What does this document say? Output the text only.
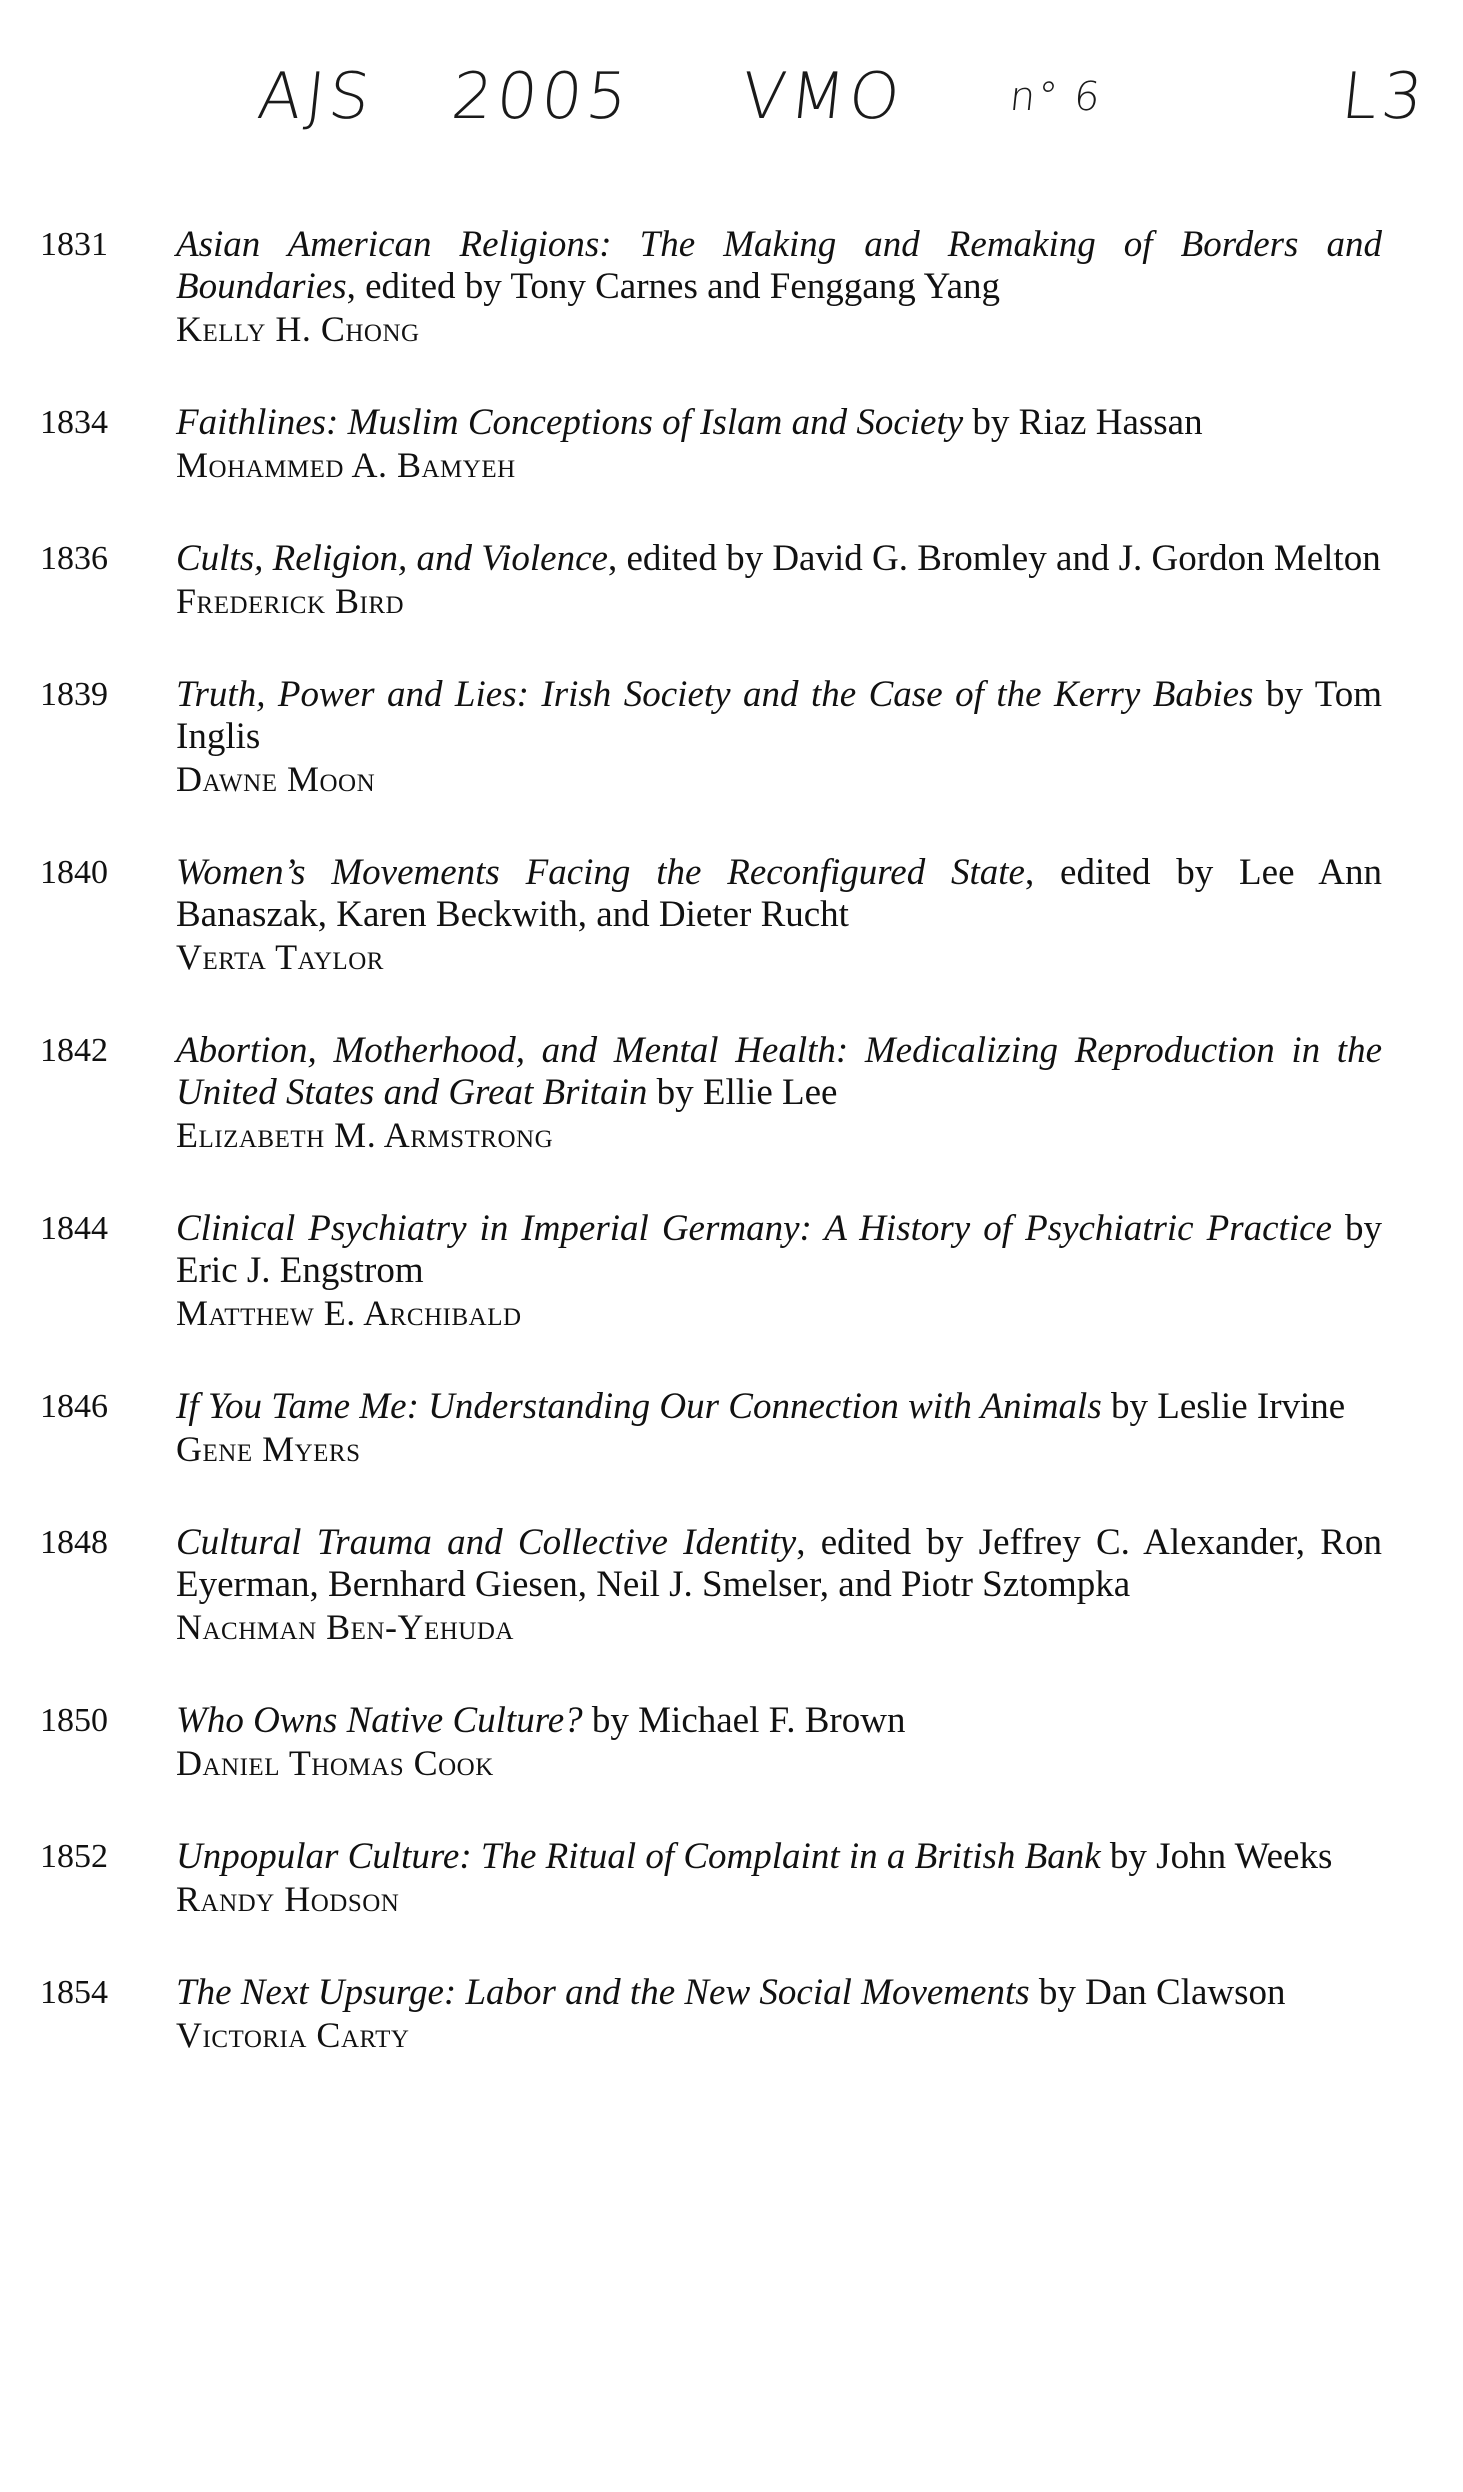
AJS 2005 VMO	n° 6	L3
1831	Asian American Religions: The Making and Remaking of Borders and Boundaries, edited by Tony Carnes and Fenggang Yang
Kelly H. Chong
1834	Faithlines: Muslim Conceptions of Islam and Society by Riaz Hassan
Mohammed A. Bamyeh
1836	Cults, Religion, and Violence, edited by David G. Bromley and J. Gordon Melton
Frederick Bird
1839	Truth, Power and Lies: Irish Society and the Case of the Kerry Babies by Tom Inglis
Dawne Moon
1840	Women’s Movements Facing the Reconfigured State, edited by Lee Ann Banaszak, Karen Beckwith, and Dieter Rucht
Verta Taylor
1842	Abortion, Motherhood, and Mental Health: Medicalizing Reproduction in the United States and Great Britain by Ellie Lee
Elizabeth M. Armstrong
1844	Clinical Psychiatry in Imperial Germany: A History of Psychiatric Practice by Eric J. Engstrom
Matthew E. Archibald
1846	If You Tame Me: Understanding Our Connection with Animals by Leslie Irvine
Gene Myers
1848	Cultural Trauma and Collective Identity, edited by Jeffrey C. Alexander, Ron Eyerman, Bernhard Giesen, Neil J. Smelser, and Piotr Sztompka
Nachman Ben-Yehuda
1850	Who Owns Native Culture? by Michael F. Brown
Daniel Thomas Cook
1852	Unpopular Culture: The Ritual of Complaint in a British Bank by John Weeks
Randy Hodson
1854	The Next Upsurge: Labor and the New Social Movements by Dan Clawson
Victoria Carty
